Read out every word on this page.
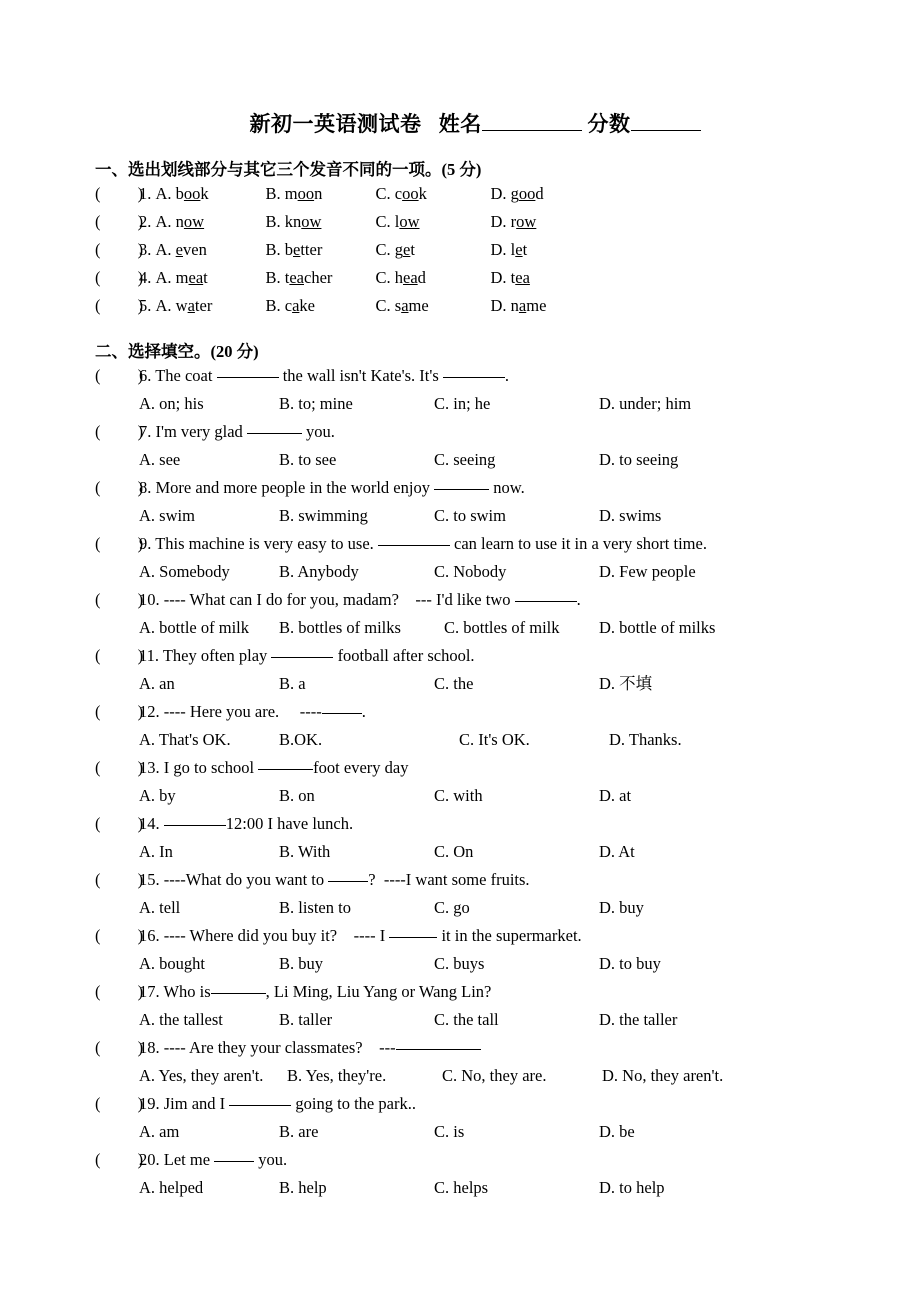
新初一英语测试卷   姓名	分数
一、选出划线部分与其它三个发音不同的一项。(5 分)
(         )1. A. book	B. moon	C. cook	D. good
(         )2. A. now	B. know	C. low	D. row
(         )3. A. even	B. better	C. get	D. let
(         )4. A. meat	B. teacher	C. head	D. tea
(         )5. A. water	B. cake	C. same	D. name
二、选择填空。(20 分)
(         )6. The coat	the wall isn't Kate's. It's	.
A. on; his	B. to; mine	C. in; he	D. under; him
(         )7. I'm very glad	you.
A. see	B. to see	C. seeing	D. to seeing
(         )8. More and more people in the world enjoy	now.
A. swim	B. swimming	C. to swim	D. swims
(         )9. This machine is very easy to use.	can learn to use it in a very short time.
A. Somebody	B. Anybody	C. Nobody	D. Few people
(         )10. ---- What can I do for you, madam?    --- I'd like two	.
A. bottle of milk B. bottles of milks	C. bottles of milk D. bottle of milks
(         )11. They often play	football after school.
A. an	B. a	C. the	D. 不填
(         )12. ---- Here you are.     ---- .
A. That's OK.	B.OK.	C. It's OK.	D. Thanks.
(         )13. I go to school	foot every day
A. by	B. on	C. with	D. at
(         )14.	12:00 I have lunch.
A. In	B. With	C. On	D. At
(         )15. ----What do you want to ?  ----I want some fruits.
A. tell	B. listen to	C. go	D. buy
(         )16. ---- Where did you buy it?    ---- I	it in the supermarket.
A. bought	B. buy	C. buys	D. to buy
(         )17. Who is	, Li Ming, Liu Yang or Wang Lin?
A. the tallest	B. taller	C. the tall	D. the taller
(         )18. ---- Are they your classmates?    ---
A. Yes, they aren't. B. Yes, they're.	C. No, they are.	D. No, they aren't.
(         )19. Jim and I	going to the park..
A. am	B. are	C. is	D. be
(         )20. Let me  you.
A. helped	B. help	C. helps	D. to help
